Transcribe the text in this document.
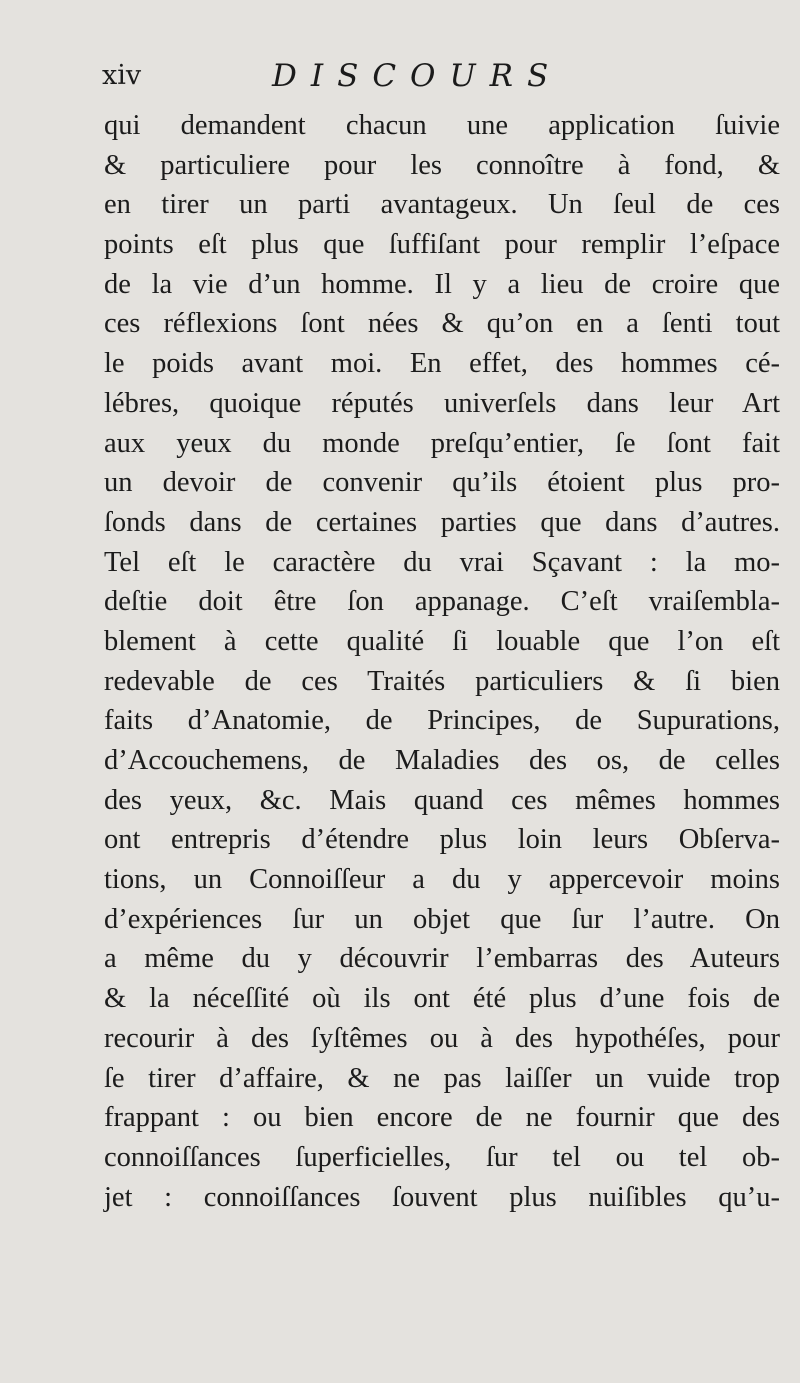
xiv	DISCOURS
qui demandent chacun une application ſuivie
& particuliere pour les connoître à fond, &
en tirer un parti avantageux. Un ſeul de ces
points eſt plus que ſuffiſant pour remplir l’eſpace
de la vie d’un homme. Il y a lieu de croire que
ces réflexions ſont nées & qu’on en a ſenti tout
le poids avant moi. En effet, des hommes cé-
lébres, quoique réputés univerſels dans leur Art
aux yeux du monde preſqu’entier, ſe ſont fait
un devoir de convenir qu’ils étoient plus pro-
ſonds dans de certaines parties que dans d’autres.
Tel eſt le caractère du vrai Sçavant : la mo-
deſtie doit être ſon appanage. C’eſt vraiſembla-
blement à cette qualité ſi louable que l’on eſt
redevable de ces Traités particuliers & ſi bien
faits d’Anatomie, de Principes, de Supurations,
d’Accouchemens, de Maladies des os, de celles
des yeux, &c. Mais quand ces mêmes hommes
ont entrepris d’étendre plus loin leurs Obſerva-
tions, un Connoiſſeur a du y appercevoir moins
d’expériences ſur un objet que ſur l’autre. On
a même du y découvrir l’embarras des Auteurs
& la néceſſité où ils ont été plus d’une fois de
recourir à des ſyſtêmes ou à des hypothéſes, pour
ſe tirer d’affaire, & ne pas laiſſer un vuide trop
frappant : ou bien encore de ne fournir que des
connoiſſances ſuperficielles, ſur tel ou tel ob-
jet : connoiſſances ſouvent plus nuiſibles qu’u-
